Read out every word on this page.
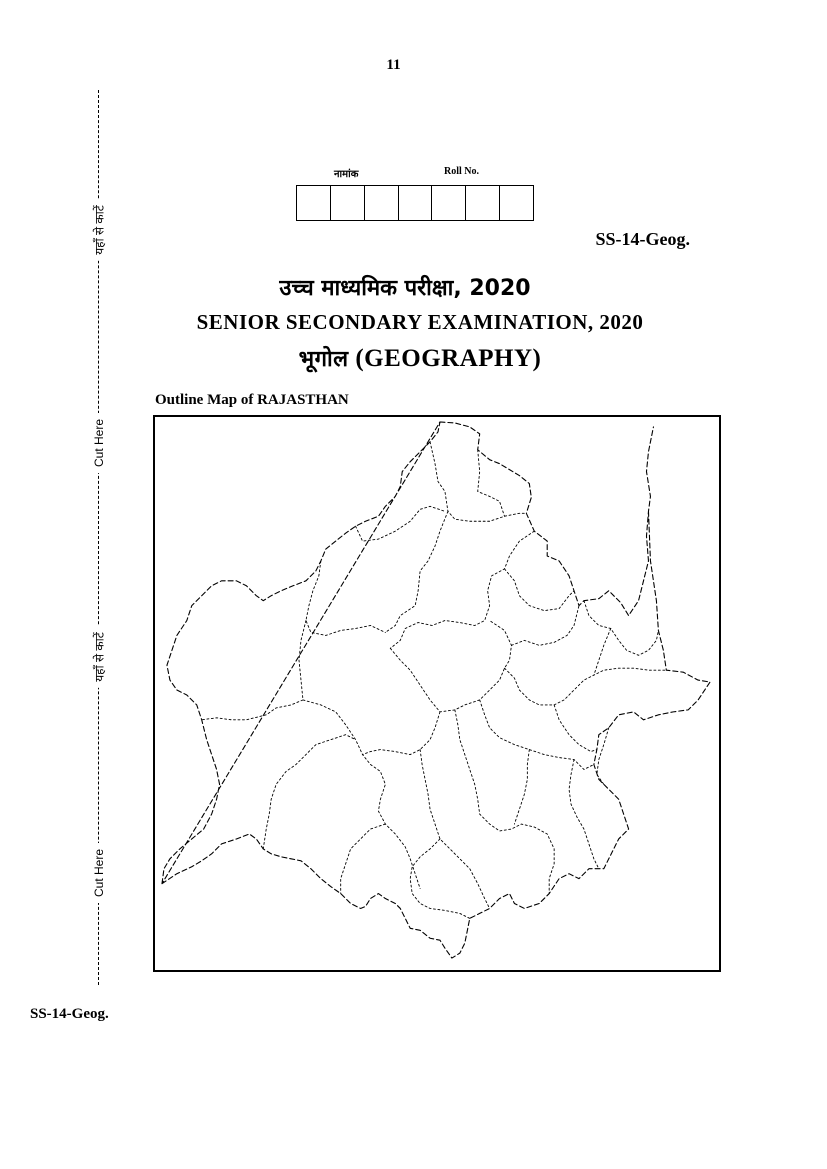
11
यहाँ से काटें
Cut Here
यहाँ से काटें
Cut Here
नामांक	Roll No.
SS-14-Geog.
उच्च माध्यमिक परीक्षा, 2020
SENIOR SECONDARY EXAMINATION, 2020
भूगोल (GEOGRAPHY)
Outline Map of RAJASTHAN
SS-14-Geog.
